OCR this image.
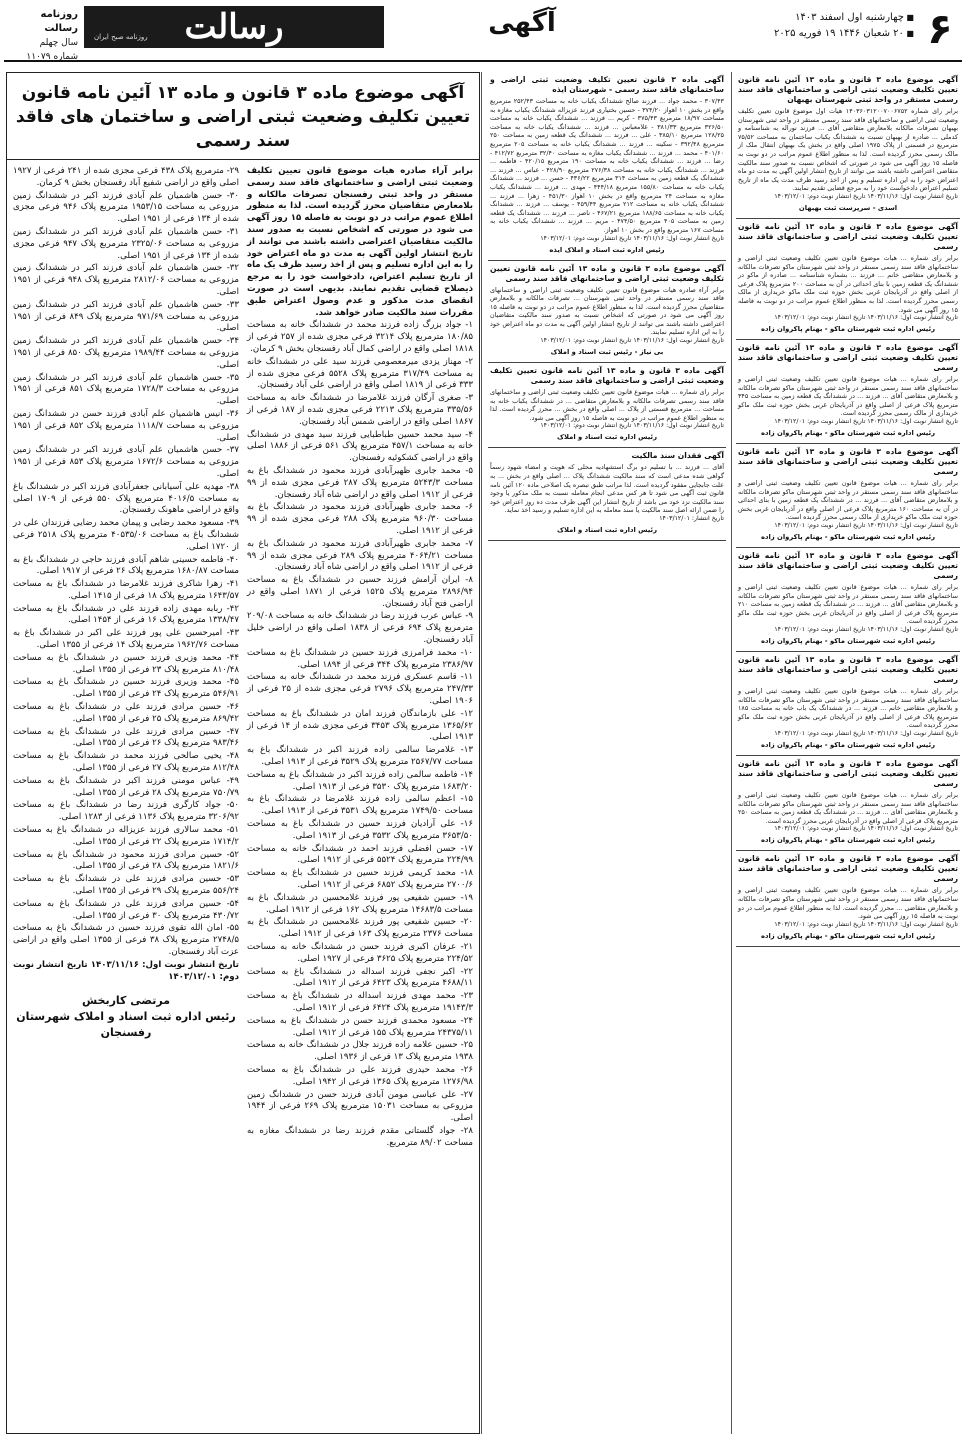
۶
■ چهارشنبه اول اسفند ۱۴۰۳
■ ۲۰ شعبان ۱۴۴۶ ۱۹ فوریه ۲۰۲۵
آگهی
رسالت
روزنامه صبح ایران
روزنامه رسالت
سال چهلم
شماره ۱۱۰۷۹
آگهی موضوع ماده ۳ قانون و ماده ۱۳ آئین نامه قانون تعیین تکلیف وضعیت ثبتی اراضی و ساختمانهای فاقد سند رسمی مستقر در واحد ثبتی شهرستان بهبهان
برابر رای شماره ۱۴۰۳۶۰۳۱۲۰۰۷۰۰۶۷۵۲ هیات اول موضوع قانون تعیین تکلیف وضعیت ثبتی اراضی و ساختمانهای فاقد سند رسمی مستقر در واحد ثبتی شهرستان بهبهان تصرفات مالکانه بلامعارض متقاضی آقای ... فرزند نوراله به شناسنامه و کدملی ... صادره از بهبهان نسبت به ششدانگ یکباب ساختمان به مساحت ۷۵/۵۲ مترمربع در قسمتی از پلاک ۱۹۷۵ اصلی واقع در بخش یک بهبهان انتقال ملک از مالک رسمی محرز گردیده است. لذا به منظور اطلاع عموم مراتب در دو نوبت به فاصله ۱۵ روز آگهی می شود در صورتی که اشخاص نسبت به صدور سند مالکیت متقاضی اعتراضی داشته باشند می توانند از تاریخ انتشار اولین آگهی به مدت دو ماه اعتراض خود را به این اداره تسلیم و پس از اخذ رسید ظرف مدت یک ماه از تاریخ تسلیم اعتراض دادخواست خود را به مرجع قضایی تقدیم نمایند.
تاریخ انتشار نوبت اول: ۱۴۰۳/۱۱/۱۶ تاریخ انتشار نوبت دوم: ۱۴۰۳/۱۲/۰۱
اسدی - سرپرست ثبت بهبهان
آگهی موضوع ماده ۳ قانون و ماده ۱۳ آئین نامه قانون تعیین تکلیف وضعیت ثبتی اراضی و ساختمانهای فاقد سند رسمی
برابر رای شماره ... هیات موضوع قانون تعیین تکلیف وضعیت ثبتی اراضی و ساختمانهای فاقد سند رسمی مستقر در واحد ثبتی شهرستان ماکو تصرفات مالکانه و بلامعارض متقاضی خانم ... فرزند ... بشماره شناسنامه ... صادره از ماکو در ششدانگ یک قطعه زمین با بنای احداثی در آن به مساحت ۲۰۰ مترمربع پلاک فرعی از اصلی واقع در آذربایجان غربی بخش حوزه ثبت ملک ماکو خریداری از مالک رسمی محرز گردیده است. لذا به منظور اطلاع عموم مراتب در دو نوبت به فاصله ۱۵ روز آگهی می شود.
تاریخ انتشار نوبت اول: ۱۴۰۳/۱۱/۱۶ تاریخ انتشار نوبت دوم: ۱۴۰۳/۱۲/۰۱
رئیس اداره ثبت شهرستان ماکو - بهنام پاکروان زاده
آگهی موضوع ماده ۳ قانون و ماده ۱۳ آئین نامه قانون تعیین تکلیف وضعیت ثبتی اراضی و ساختمانهای فاقد سند رسمی
برابر رای شماره ... هیات موضوع قانون تعیین تکلیف وضعیت ثبتی اراضی و ساختمانهای فاقد سند رسمی مستقر در واحد ثبتی شهرستان ماکو تصرفات مالکانه و بلامعارض متقاضی آقای ... فرزند ... در ششدانگ یک قطعه زمین به مساحت ۳۴۵ مترمربع پلاک فرعی از اصلی واقع در آذربایجان غربی بخش حوزه ثبت ملک ماکو خریداری از مالک رسمی محرز گردیده است.
تاریخ انتشار نوبت اول: ۱۴۰۳/۱۱/۱۶ تاریخ انتشار نوبت دوم: ۱۴۰۳/۱۲/۰۱
رئیس اداره ثبت شهرستان ماکو - بهنام پاکروان زاده
آگهی موضوع ماده ۳ قانون و ماده ۱۳ آئین نامه قانون تعیین تکلیف وضعیت ثبتی اراضی و ساختمانهای فاقد سند رسمی
برابر رای شماره ... هیات موضوع قانون تعیین تکلیف وضعیت ثبتی اراضی و ساختمانهای فاقد سند رسمی مستقر در واحد ثبتی شهرستان ماکو تصرفات مالکانه و بلامعارض متقاضی آقای ... فرزند ... در ششدانگ یک قطعه زمین با بنای احداثی در آن به مساحت ۱۶۰ مترمربع پلاک فرعی از اصلی واقع در آذربایجان غربی بخش حوزه ثبت ملک ماکو خریداری از مالک رسمی محرز گردیده است.
تاریخ انتشار نوبت اول: ۱۴۰۳/۱۱/۱۶ تاریخ انتشار نوبت دوم: ۱۴۰۳/۱۲/۰۱
رئیس اداره ثبت شهرستان ماکو - بهنام پاکروان زاده
آگهی موضوع ماده ۳ قانون و ماده ۱۳ آئین نامه قانون تعیین تکلیف وضعیت ثبتی اراضی و ساختمانهای فاقد سند رسمی
برابر رای شماره ... هیات موضوع قانون تعیین تکلیف وضعیت ثبتی اراضی و ساختمانهای فاقد سند رسمی مستقر در واحد ثبتی شهرستان ماکو تصرفات مالکانه و بلامعارض متقاضی آقای ... فرزند ... در ششدانگ یک قطعه زمین به مساحت ۲۱۰ مترمربع پلاک فرعی از اصلی واقع در آذربایجان غربی بخش حوزه ثبت ملک ماکو محرز گردیده است.
تاریخ انتشار نوبت اول: ۱۴۰۳/۱۱/۱۶ تاریخ انتشار نوبت دوم: ۱۴۰۳/۱۲/۰۱
رئیس اداره ثبت شهرستان ماکو - بهنام پاکروان زاده
آگهی موضوع ماده ۳ قانون و ماده ۱۳ آئین نامه قانون تعیین تکلیف وضعیت ثبتی اراضی و ساختمانهای فاقد سند رسمی
برابر رای شماره ... هیات موضوع قانون تعیین تکلیف وضعیت ثبتی اراضی و ساختمانهای فاقد سند رسمی مستقر در واحد ثبتی شهرستان ماکو تصرفات مالکانه و بلامعارض متقاضی خانم ... فرزند ... در ششدانگ یک باب خانه به مساحت ۱۸۵ مترمربع پلاک فرعی از اصلی واقع در آذربایجان غربی بخش حوزه ثبت ملک ماکو محرز گردیده است.
تاریخ انتشار نوبت اول: ۱۴۰۳/۱۱/۱۶ تاریخ انتشار نوبت دوم: ۱۴۰۳/۱۲/۰۱
رئیس اداره ثبت شهرستان ماکو - بهنام پاکروان زاده
آگهی موضوع ماده ۳ قانون و ماده ۱۳ آئین نامه قانون تعیین تکلیف وضعیت ثبتی اراضی و ساختمانهای فاقد سند رسمی
برابر رای شماره ... هیات موضوع قانون تعیین تکلیف وضعیت ثبتی اراضی و ساختمانهای فاقد سند رسمی مستقر در واحد ثبتی شهرستان ماکو تصرفات مالکانه و بلامعارض متقاضی آقای ... فرزند ... در ششدانگ یک قطعه زمین به مساحت ۲۵۰ مترمربع پلاک فرعی از اصلی واقع در آذربایجان غربی محرز گردیده است.
تاریخ انتشار نوبت اول: ۱۴۰۳/۱۱/۱۶ تاریخ انتشار نوبت دوم: ۱۴۰۳/۱۲/۰۱
رئیس اداره ثبت شهرستان ماکو - بهنام پاکروان زاده
آگهی موضوع ماده ۳ قانون و ماده ۱۳ آئین نامه قانون تعیین تکلیف وضعیت ثبتی اراضی و ساختمانهای فاقد سند رسمی
برابر رای شماره ... هیات موضوع قانون تعیین تکلیف وضعیت ثبتی اراضی و ساختمانهای فاقد سند رسمی مستقر در واحد ثبتی شهرستان ماکو تصرفات مالکانه و بلامعارض متقاضی ... محرز گردیده است. لذا به منظور اطلاع عموم مراتب در دو نوبت به فاصله ۱۵ روز آگهی می شود.
تاریخ انتشار نوبت اول: ۱۴۰۳/۱۱/۱۶ تاریخ انتشار نوبت دوم: ۱۴۰۳/۱۲/۰۱
رئیس اداره ثبت شهرستان ماکو - بهنام پاکروان زاده
آگهی ماده ۳ قانون تعیین تکلیف وضعیت ثبتی اراضی و ساختمانهای فاقد سند رسمی - شهرستان ایذه
۳۰۷/۴۳ - محمد جواد ... فرزند صالح ششدانگ یکباب خانه به مساحت ۲۵۲/۴۳ مترمربع واقع در بخش ۱۰ اهواز ۳۷۴/۲۰ - حسین بختیاری فرزند عزیزاله ششدانگ یکباب مغازه به مساحت ۱۸/۹۷ مترمربع ۳۷۵/۴۳ - کریم ... فرزند ... ششدانگ یکباب خانه به مساحت ۳۲۶/۵۰ مترمربع ۳۸۱/۳۳ - غلامعباس ... فرزند ... ششدانگ یکباب خانه به مساحت ۱۲۸/۲۵ مترمربع ۳۸۵/۱۰ - علی ... فرزند ... ششدانگ یک قطعه زمین به مساحت ۲۵۰ مترمربع ۳۹۲/۴۸ - سکینه ... فرزند ... ششدانگ یکباب خانه به مساحت ۲۰۵ مترمربع ۴۰۱/۶۰ - محمد ... فرزند ... ششدانگ یکباب مغازه به مساحت ۳۲/۴۰ مترمربع ۴۱۲/۷۲ - رضا ... فرزند ... ششدانگ یکباب خانه به مساحت ۱۹۰ مترمربع ۴۲۰/۱۵ - فاطمه ... فرزند ... ششدانگ یکباب خانه به مساحت ۲۷۶/۳۸ مترمربع ۴۲۸/۹۰ - عباس ... فرزند ... ششدانگ یک قطعه زمین به مساحت ۳۱۴ مترمربع ۴۳۶/۲۲ - حسن ... فرزند ... ششدانگ یکباب خانه به مساحت ۱۵۵/۸۰ مترمربع ۴۴۴/۱۸ - مهدی ... فرزند ... ششدانگ یکباب مغازه به مساحت ۲۴ مترمربع واقع در بخش ۱۰ اهواز ۴۵۱/۳۰ - زهرا ... فرزند ... ششدانگ یکباب خانه به مساحت ۲۱۲ مترمربع ۴۵۹/۴۴ - یوسف ... فرزند ... ششدانگ یکباب خانه به مساحت ۱۸۸/۶۵ مترمربع ۴۶۷/۲۱ - ناصر ... فرزند ... ششدانگ یک قطعه زمین به مساحت ۴۰۵ مترمربع ۴۷۴/۵۰ - مریم ... فرزند ... ششدانگ یکباب خانه به مساحت ۱۶۷ مترمربع واقع در بخش ۱۰ اهواز.
تاریخ انتشار نوبت اول: ۱۴۰۳/۱۱/۱۶ تاریخ انتشار نوبت دوم: ۱۴۰۳/۱۲/۰۱
رئیس اداره ثبت اسناد و املاک ایذه
آگهی موضوع ماده ۳ قانون و ماده ۱۳ آئین نامه قانون تعیین تکلیف وضعیت ثبتی اراضی و ساختمانهای فاقد سند رسمی
برابر آراء صادره هیات موضوع قانون تعیین تکلیف وضعیت ثبتی اراضی و ساختمانهای فاقد سند رسمی مستقر در واحد ثبتی شهرستان ... تصرفات مالکانه و بلامعارض متقاضیان محرز گردیده است. لذا به منظور اطلاع عموم مراتب در دو نوبت به فاصله ۱۵ روز آگهی می شود در صورتی که اشخاص نسبت به صدور سند مالکیت متقاضیان اعتراضی داشته باشند می توانند از تاریخ انتشار اولین آگهی به مدت دو ماه اعتراض خود را به این اداره تسلیم نمایند.
تاریخ انتشار نوبت اول: ۱۴۰۳/۱۱/۱۶ تاریخ انتشار نوبت دوم: ۱۴۰۳/۱۲/۰۱
بی نیاز - رئیس ثبت اسناد و املاک
آگهی ماده ۳ قانون و ماده ۱۳ آئین نامه قانون تعیین تکلیف وضعیت ثبتی اراضی و ساختمانهای فاقد سند رسمی
برابر رای شماره ... هیات موضوع قانون تعیین تکلیف وضعیت ثبتی اراضی و ساختمانهای فاقد سند رسمی تصرفات مالکانه و بلامعارض متقاضی ... در ششدانگ یکباب خانه به مساحت ... مترمربع قسمتی از پلاک ... اصلی واقع در بخش ... محرز گردیده است. لذا به منظور اطلاع عموم مراتب در دو نوبت به فاصله ۱۵ روز آگهی می شود.
تاریخ انتشار نوبت اول: ۱۴۰۳/۱۱/۱۶ تاریخ انتشار نوبت دوم: ۱۴۰۳/۱۲/۰۱
رئیس اداره ثبت اسناد و املاک
آگهی فقدان سند مالکیت
آقای ... فرزند ... با تسلیم دو برگ استشهادیه محلی که هویت و امضاء شهود رسماً گواهی شده مدعی است که سند مالکیت ششدانگ پلاک ... اصلی واقع در بخش ... به علت جابجایی مفقود گردیده است. لذا مراتب طبق تبصره یک اصلاحی ماده ۱۲۰ آئین نامه قانون ثبت آگهی می شود تا هر کس مدعی انجام معامله نسبت به ملک مذکور یا وجود سند مالکیت نزد خود می باشد از تاریخ انتشار این آگهی ظرف مدت ده روز اعتراض خود را ضمن ارائه اصل سند مالکیت یا سند معامله به این اداره تسلیم و رسید اخذ نماید.
تاریخ انتشار: ۱۴۰۳/۱۲/۰۱
رئیس اداره ثبت اسناد و املاک
آگهی موضوع ماده ۳ قانون و ماده ۱۳ آئین نامه قانون تعیین تکلیف وضعیت ثبتی اراضی و ساختمان های فاقد سند رسمی

برابر آراء صادره هیات موضوع قانون تعیین تکلیف وضعیت ثبتی اراضی و ساختمانهای فاقد سند رسمی مستقر در واحد ثبتی رفسنجان تصرفات مالکانه و بلامعارض متقاضیان محرز گردیده است. لذا به منظور اطلاع عموم مراتب در دو نوبت به فاصله ۱۵ روز آگهی می شود در صورتی که اشخاص نسبت به صدور سند مالکیت متقاضیان اعتراضی داشته باشند می توانند از تاریخ انتشار اولین آگهی به مدت دو ماه اعتراض خود را به این اداره تسلیم و پس از اخذ رسید ظرف یک ماه از تاریخ تسلیم اعتراض، دادخواست خود را به مرجع ذیصلاح قضایی تقدیم نمایند. بدیهی است در صورت انقضای مدت مذکور و عدم وصول اعتراض طبق مقررات سند مالکیت صادر خواهد شد.

۱- جواد بزرگ زاده فرزند محمد در ششدانگ خانه به مساحت ۱۸۰/۸۵ مترمربع پلاک ۳۲۱۴ فرعی مجزی شده از ۲۵۷ فرعی از ۱۸۱۸ اصلی واقع در اراضی کمال آباد رفسنجان بخش ۹ کرمان.

۲- مهناز یزدی میرمعصومی فرزند سید علی در ششدانگ خانه به مساحت ۳۱۷/۴۹ مترمربع پلاک ۵۵۲۸ فرعی مجزی شده از ۳۳۳ فرعی از ۱۸۱۹ اصلی واقع در اراضی علی آباد رفسنجان.

۳- صغری آرگان فرزند غلامرضا در ششدانگ خانه به مساحت ۳۳۵/۵۶ مترمربع پلاک ۲۲۱۳ فرعی مجزی شده از ۱۸۷ فرعی از ۱۸۶۷ اصلی واقع در اراضی شمس آباد رفسنجان.

۴- سید محمد حسین طباطبایی فرزند سید مهدی در ششدانگ خانه به مساحت ۴۵۷/۱ مترمربع پلاک ۵۶۱ فرعی از ۱۸۸۶ اصلی واقع در اراضی کشکوئیه رفسنجان.

۵- محمد جابری ظهیرآبادی فرزند محمود در ششدانگ باغ به مساحت ۵۲۴۳/۳ مترمربع پلاک ۲۸۷ فرعی مجزی شده از ۹۹ فرعی از ۱۹۱۲ اصلی واقع در اراضی شاه آباد رفسنجان.

۶- محمد جابری ظهیرآبادی فرزند محمود در ششدانگ باغ به مساحت ۹۶۰/۳۰ مترمربع پلاک ۲۸۸ فرعی مجزی شده از ۹۹ فرعی از ۱۹۱۲ اصلی.

۷- محمد جابری ظهیرآبادی فرزند محمود در ششدانگ باغ به مساحت ۴۰۶۴/۲۱ مترمربع پلاک ۲۸۹ فرعی مجزی شده از ۹۹ فرعی از ۱۹۱۲ اصلی واقع در اراضی شاه آباد رفسنجان.

۸- ایران آرامش فرزند حسین در ششدانگ باغ به مساحت ۲۸۹۶/۹۴ مترمربع پلاک ۱۵۲۵ فرعی از ۱۸۷۱ اصلی واقع در اراضی فتح آباد رفسنجان.

۹- عباس عرب فرزند رضا در ششدانگ خانه به مساحت ۲۰۹/۰۸ مترمربع پلاک ۶۹۴ فرعی از ۱۸۳۸ اصلی واقع در اراضی خلیل آباد رفسنجان.

۱۰- محمد فرامرزی فرزند حسین در ششدانگ باغ به مساحت ۲۳۸۶/۹۷ مترمربع پلاک ۳۴۴ فرعی از ۱۸۹۴ اصلی.

۱۱- قاسم عسکری فرزند محمد در ششدانگ خانه به مساحت ۲۴۷/۳۳ مترمربع پلاک ۲۷۹۶ فرعی مجزی شده از ۲۵ فرعی از ۱۹۰۶ اصلی.

۱۲- علی بازماندگان فرزند امان در ششدانگ باغ به مساحت ۱۳۶۵/۶۲ مترمربع پلاک ۳۴۵۳ فرعی مجزی شده از ۱۴ فرعی از ۱۹۱۳ اصلی.

۱۳- غلامرضا سالمی زاده فرزند اکبر در ششدانگ باغ به مساحت ۲۵۶۷/۷۷ مترمربع پلاک ۳۵۲۹ فرعی از ۱۹۱۳ اصلی.

۱۴- فاطمه سالمی زاده فرزند اکبر در ششدانگ باغ به مساحت ۱۶۸۳/۲۰ مترمربع پلاک ۳۵۳۰ فرعی از ۱۹۱۳ اصلی.

۱۵- اعظم سالمی زاده فرزند غلامرضا در ششدانگ باغ به مساحت ۱۷۴۹/۵۰ مترمربع پلاک ۳۵۳۱ فرعی از ۱۹۱۳ اصلی.

۱۶- علی آرادیان فرزند حسین در ششدانگ باغ به مساحت ۳۶۵۳/۵۰ مترمربع پلاک ۳۵۳۲ فرعی از ۱۹۱۳ اصلی.

۱۷- حسن افضلی فرزند احمد در ششدانگ خانه به مساحت ۲۲۴/۹۹ مترمربع پلاک ۵۵۲۴ فرعی از ۱۹۱۲ اصلی.

۱۸- محمد کریمی فرزند حسین در ششدانگ باغ به مساحت ۲۷۰۰/۶ مترمربع پلاک ۶۸۵۲ فرعی از ۱۹۱۲ اصلی.

۱۹- حسین شفیعی پور فرزند غلامحسین در ششدانگ باغ به مساحت ۱۴۶۸۳/۵ مترمربع پلاک ۱۶۲ فرعی از ۱۹۱۲ اصلی.

۲۰- حسین شفیعی پور فرزند غلامحسین در ششدانگ باغ به مساحت ۲۳۷۶ مترمربع پلاک ۱۶۳ فرعی از ۱۹۱۲ اصلی.

۲۱- عرفان اکبری فرزند حسن در ششدانگ خانه به مساحت ۲۲۴/۵۲ مترمربع پلاک ۳۶۲۵ فرعی از ۱۹۲۷ اصلی.

۲۲- اکبر نجفی فرزند اسداله در ششدانگ باغ به مساحت ۴۶۸۸/۱۱ مترمربع پلاک ۶۴۲۳ فرعی از ۱۹۱۲ اصلی.

۲۳- محمد مهدی فرزند اسداله در ششدانگ باغ به مساحت ۱۹۱۴۳/۳ مترمربع پلاک ۶۴۲۴ فرعی از ۱۹۱۲ اصلی.

۲۴- مسعود محمدی فرزند حسن در ششدانگ باغ به مساحت ۲۴۳۷۵/۱۱ مترمربع پلاک ۱۵۵ فرعی از ۱۹۱۲ اصلی.

۲۵- حسین علامه زاده فرزند جلال در ششدانگ خانه به مساحت ۱۹۳۸ مترمربع پلاک ۱۳ فرعی از ۱۹۳۶ اصلی.

۲۶- محمد حیدری فرزند علی در ششدانگ باغ به مساحت ۱۲۷۶/۹۸ مترمربع پلاک ۱۳۶۵ فرعی از ۱۹۴۲ اصلی.

۲۷- علی عباسی مومن آبادی فرزند حسن در ششدانگ زمین مزروعی به مساحت ۱۵۰۳۱ مترمربع پلاک ۲۶۹ فرعی از ۱۹۴۴ اصلی.

۲۸- جواد گلستانی مقدم فرزند رضا در ششدانگ مغازه به مساحت ۸۹/۰۲ مترمربع.

۲۹- مترمربع پلاک ۴۳۸ فرعی مجزی شده از ۲۴۱ فرعی از ۱۹۲۷ اصلی واقع در اراضی شفیع آباد رفسنجان بخش ۹ کرمان.

۳۰- حسن هاشمیان علم آبادی فرزند اکبر در ششدانگ زمین مزروعی به مساحت ۱۹۵۳/۱۵ مترمربع پلاک ۹۴۶ فرعی مجزی شده از ۱۳۴ فرعی از ۱۹۵۱ اصلی.

۳۱- حسن هاشمیان علم آبادی فرزند اکبر در ششدانگ زمین مزروعی به مساحت ۲۳۲۵/۰۶ مترمربع پلاک ۹۴۷ فرعی مجزی شده از ۱۳۴ فرعی از ۱۹۵۱ اصلی.

۳۲- حسن هاشمیان علم آبادی فرزند اکبر در ششدانگ زمین مزروعی به مساحت ۲۸۱۲/۰۶ مترمربع پلاک ۹۴۸ فرعی از ۱۹۵۱ اصلی.

۳۳- حسن هاشمیان علم آبادی فرزند اکبر در ششدانگ زمین مزروعی به مساحت ۹۷۱/۶۹ مترمربع پلاک ۸۴۹ فرعی از ۱۹۵۱ اصلی.

۳۴- حسن هاشمیان علم آبادی فرزند اکبر در ششدانگ زمین مزروعی به مساحت ۱۹۸۹/۴۴ مترمربع پلاک ۸۵۰ فرعی از ۱۹۵۱ اصلی.

۳۵- حسن هاشمیان علم آبادی فرزند اکبر در ششدانگ زمین مزروعی به مساحت ۱۷۲۸/۳ مترمربع پلاک ۸۵۱ فرعی از ۱۹۵۱ اصلی.

۳۶- انیس هاشمیان علم آبادی فرزند حسن در ششدانگ زمین مزروعی به مساحت ۱۱۱۸/۷ مترمربع پلاک ۸۵۲ فرعی از ۱۹۵۱ اصلی.

۳۷- حسن هاشمیان علم آبادی فرزند اکبر در ششدانگ زمین مزروعی به مساحت ۱۶۷۲/۶ مترمربع پلاک ۸۵۳ فرعی از ۱۹۵۱ اصلی.

۳۸- مهدیه علی آسیابانی جعفرآبادی فرزند اکبر در ششدانگ باغ به مساحت ۴۰۱۶/۵ مترمربع پلاک ۵۵۰ فرعی از ۱۷۰۹ اصلی واقع در اراضی ماهونک رفسنجان.

۳۹- مسعود محمد رضایی و پیمان محمد رضایی فرزندان علی در ششدانگ باغ به مساحت ۴۰۵۳۵/۰۶ مترمربع پلاک ۲۵۱۸ فرعی از ۱۷۲۰ اصلی.

۴۰- فاطمه حسینی شاهم آبادی فرزند حاجی در ششدانگ باغ به مساحت ۱۶۸۰/۸۷ مترمربع پلاک ۲۶ فرعی از ۱۹۱۷ اصلی.

۴۱- زهرا شاکری فرزند غلامرضا در ششدانگ باغ به مساحت ۱۶۴۳/۵۷ مترمربع پلاک ۱۸ فرعی از ۱۴۱۵ اصلی.

۴۲- ربابه مهدی زاده فرزند علی در ششدانگ باغ به مساحت ۱۳۳۸/۴۷ مترمربع پلاک ۱۶ فرعی از ۱۴۵۴ اصلی.

۴۳- امیرحسین علی پور فرزند علی اکبر در ششدانگ باغ به مساحت ۱۹۶۲/۷۶ مترمربع پلاک ۱۴ فرعی از ۱۳۵۵ اصلی.

۴۴- محمد وزیری فرزند حسین در ششدانگ باغ به مساحت ۸۱۰/۴۸ مترمربع پلاک ۲۳ فرعی از ۱۳۵۵ اصلی.

۴۵- محمد وزیری فرزند حسین در ششدانگ باغ به مساحت ۵۴۶/۹۱ مترمربع پلاک ۲۴ فرعی از ۱۳۵۵ اصلی.

۴۶- حسین مرادی فرزند علی در ششدانگ باغ به مساحت ۸۶۹/۴۲ مترمربع پلاک ۲۵ فرعی از ۱۳۵۵ اصلی.

۴۷- حسین مرادی فرزند علی در ششدانگ باغ به مساحت ۹۸۳/۴۶ مترمربع پلاک ۲۶ فرعی از ۱۳۵۵ اصلی.

۴۸- یحیی صالحی فرزند محمد در ششدانگ باغ به مساحت ۸۱۲/۴۸ مترمربع پلاک ۲۷ فرعی از ۱۳۵۵ اصلی.

۴۹- عباس مومنی فرزند اکبر در ششدانگ باغ به مساحت ۷۵۰/۷۹ مترمربع پلاک ۲۸ فرعی از ۱۳۵۵ اصلی.

۵۰- جواد کارگری فرزند رضا در ششدانگ باغ به مساحت ۳۲۰۶/۹۲ مترمربع پلاک ۱۱۳۶ فرعی از ۱۲۸۳ اصلی.

۵۱- محمد سالاری فرزند عزیزاله در ششدانگ باغ به مساحت ۱۷۱۴/۲ مترمربع پلاک ۲۲ فرعی از ۱۳۵۵ اصلی.

۵۲- حسین مرادی فرزند محمود در ششدانگ باغ به مساحت ۱۸۲۱/۶ مترمربع پلاک ۲۸ فرعی از ۱۳۵۵ اصلی.

۵۳- حسین مرادی فرزند علی در ششدانگ باغ به مساحت ۵۵۶/۲۴ مترمربع پلاک ۲۹ فرعی از ۱۳۵۵ اصلی.

۵۴- حسین مرادی فرزند علی در ششدانگ باغ به مساحت ۴۳۰/۷۲ مترمربع پلاک ۳۰ فرعی از ۱۳۵۵ اصلی.

۵۵- امان الله تقوی فرزند حسین در ششدانگ باغ به مساحت ۲۷۴۸/۵ مترمربع پلاک ۳۸ فرعی از ۱۳۵۵ اصلی واقع در اراضی عزت آباد رفسنجان.

تاریخ انتشار نوبت اول: ۱۴۰۳/۱۱/۱۶ تاریخ انتشار نوبت دوم: ۱۴۰۳/۱۲/۰۱

مرتضی کاربخش
رئیس اداره ثبت اسناد و املاک شهرستان رفسنجان
